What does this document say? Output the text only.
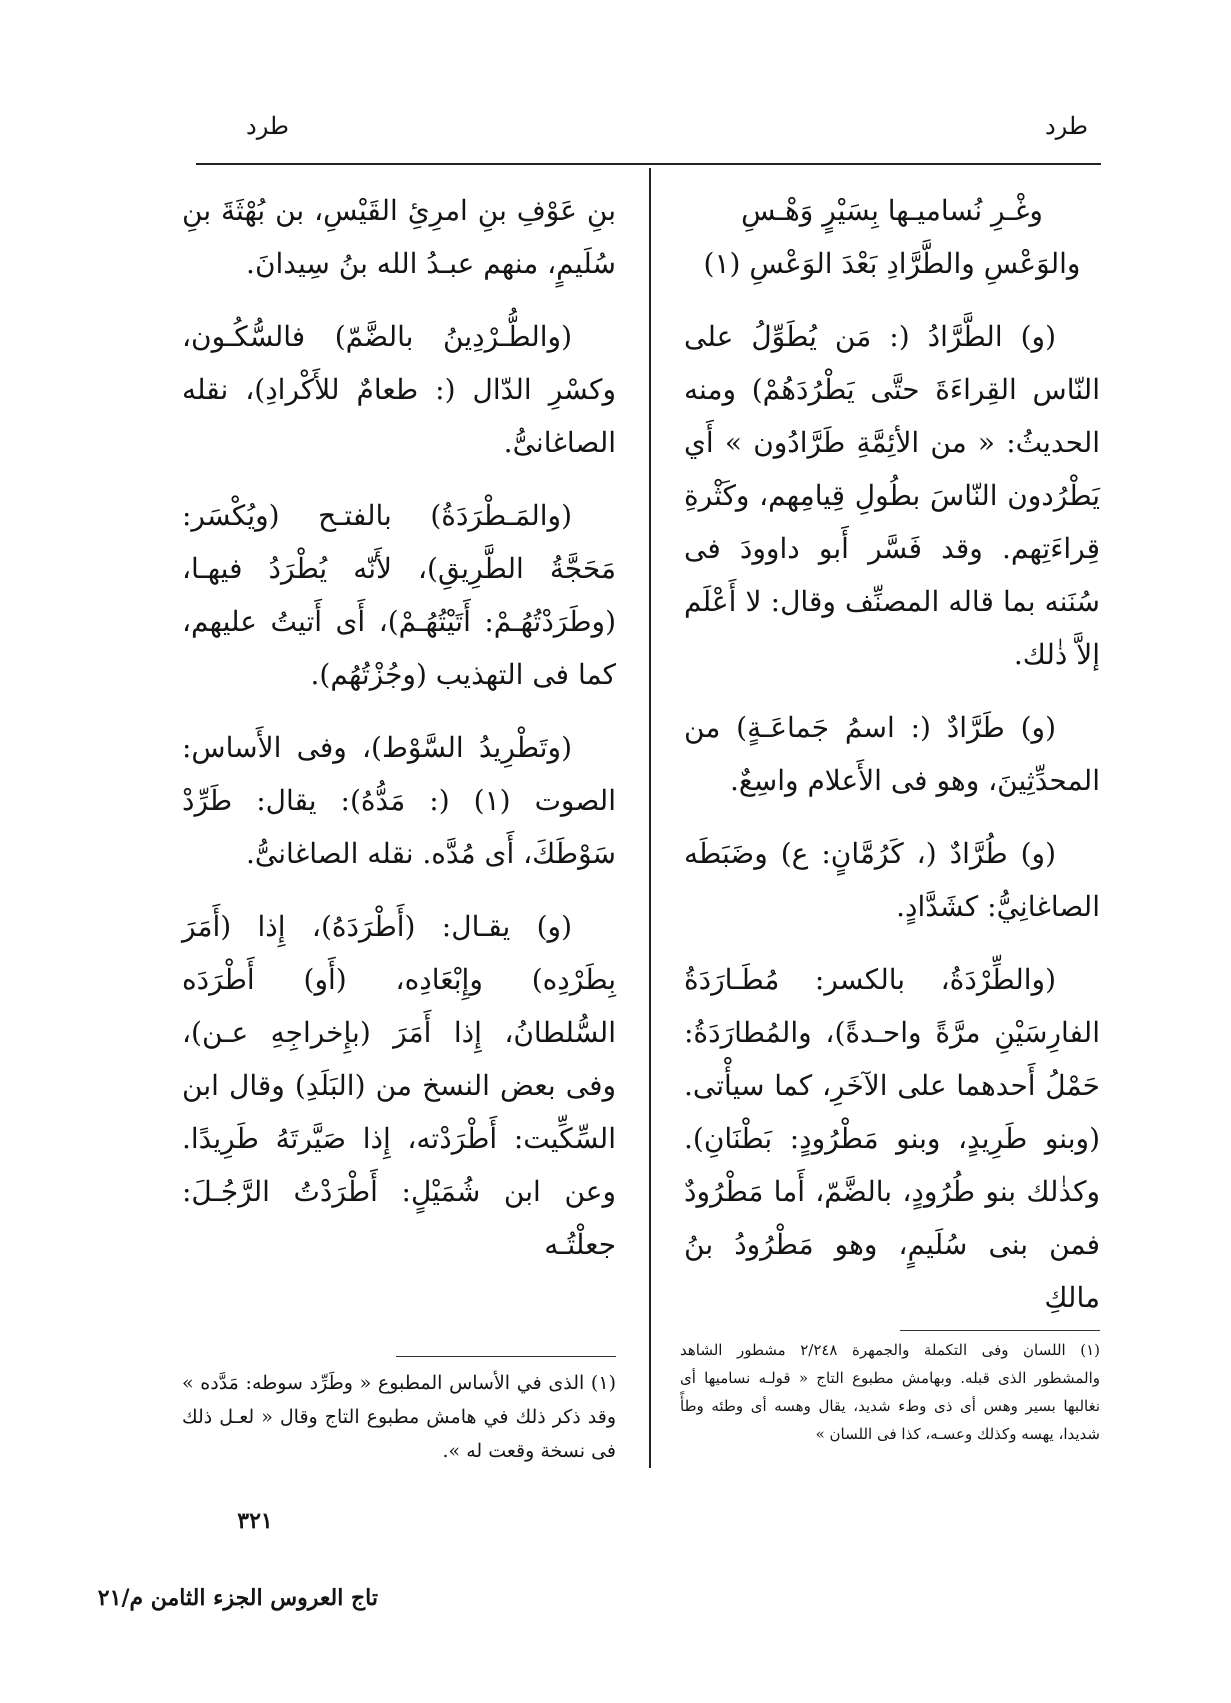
طرد
طرد
وغْـرِ نُساميـها بِسَيْرٍ وَهْـسِ
والوَعْسِ والطَّرَّادِ بَعْدَ الوَعْسِ (١)

(و) الطَّرَّادُ (: مَن يُطَوِّلُ على النّاس القِراءَةَ حتَّى يَطْرُدَهُمْ) ومنه الحديثُ: « من الأئِمَّةِ طَرَّادُون » أَي يَطْرُدون النّاسَ بطُولِ قِيامِهم، وكَثْرةِ قِراءَتِهم. وقد فَسَّر أَبو داوودَ فى سُنَنه بما قاله المصنِّف وقال: لا أَعْلَم إلاَّ ذٰلك.

(و) طَرَّادٌ (: اسمُ جَماعَـةٍ) من المحدِّثِينَ، وهو فى الأَعلام واسِعٌ.

(و) طُرَّادٌ (، كَرُمَّانٍ: ع) وضَبَطَه الصاغانِيُّ: كشَدَّادٍ.

(والطِّرْدَةُ، بالكسر: مُطَـارَدَةُ الفارِسَيْنِ مرَّةً واحـدةً)، والمُطارَدَةُ: حَمْلُ أَحدهما على الآخَرِ، كما سيأْتى. (وبنو طَرِيدٍ، وبنو مَطْرُودٍ: بَطْنَانِ). وكذٰلك بنو طُرُودٍ، بالضَّمّ، أَما مَطْرُودٌ فمن بنى سُلَيمٍ، وهو مَطْرُودُ بنُ مالكِ

بنِ عَوْفِ بنِ امرِئِ القَيْسِ، بن بُهْثَةَ بنِ سُلَيمٍ، منهم عبـدُ الله بنُ سِيدانَ.

(والطُّـرْدِينُ بالضَّمّ) فالسُّكُـون، وكسْرِ الدّال (: طعامٌ للأَكْرادِ)، نقله الصاغانىُّ.

(والمَـطْرَدَةُ) بالفتـح (ويُكْسَر: مَحَجَّةُ الطَّرِيقِ)، لأَنّه يُطْرَدُ فيهـا، (وطَرَدْتُهُـمْ: أَتَيْتُهُـمْ)، أَى أَتيتُ عليهم، كما فى التهذيب (وجُزْتُهُم).

(وتَطْرِيدُ السَّوْط)، وفى الأَساس: الصوت (١) (: مَدُّهُ): يقال: طَرِّدْ سَوْطَكَ، أَى مُدَّه. نقله الصاغانىُّ.

(و) يقـال: (أَطْرَدَهُ)، إِذا (أَمَرَ بِطَرْدِه) وإِبْعَادِه، (أَو) أَطْرَدَه السُّلطانُ، إِذا أَمَرَ (بإِخراجِهِ عـن)، وفى بعض النسخ من (البَلَدِ) وقال ابن السِّكِّيت: أَطْرَدْته، إِذا صَيَّرتَهُ طَرِيدًا. وعن ابن شُمَيْلٍ: أَطْرَدْتُ الرَّجُـلَ: جعلْتُـه

(١) اللسان وفى التكملة والجمهرة ٢/٢٤٨ مشطور الشاهد والمشطور الذى قبله. وبهامش مطبوع التاج « قولـه نساميها أى نغالبها بسير وهس أى ذى وطء شديد، يقال وهسه أى وطئه وطأً شديدا، يهسه وكذلك وعسـه، كذا فى اللسان »
(١) الذى في الأساس المطبوع « وطَرِّد سوطه: مَدَّده » وقد ذكر ذلك في هامش مطبوع التاج وقال « لعـل ذلك فى نسخة وقعت له ».
٣٢١
تاج العروس الجزء الثامن م/٢١
